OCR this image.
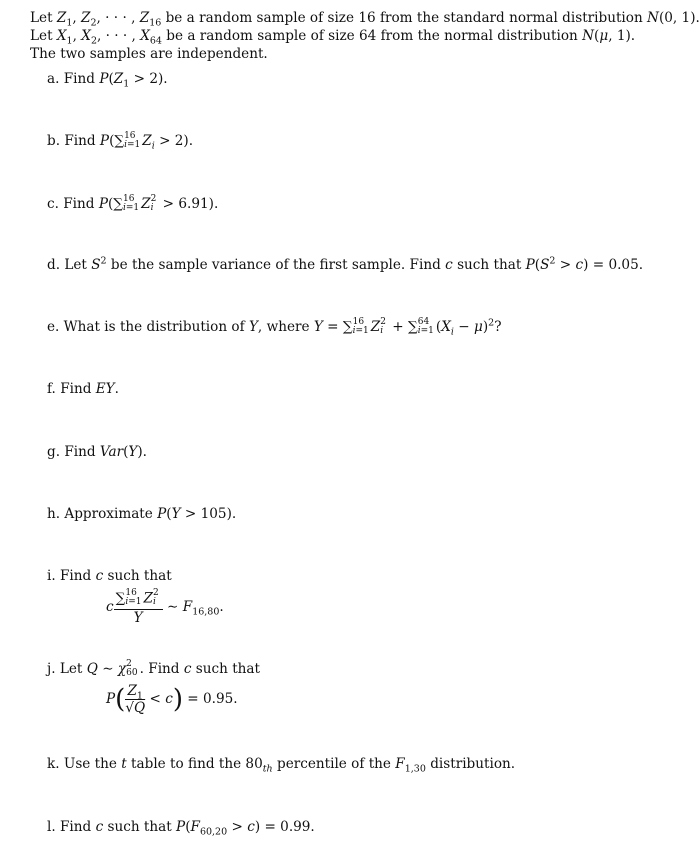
Let $Z_1$, $Z_2$, · · · , $Z_{16}$ be a random sample of size 16 from the standard normal distribution N(0, 1).
Let $X_1$, $X_2$, · · · , $X_{64}$ be a random sample of size 64 from the normal distribution N(μ, 1).
The two samples are independent.
a. Find $P(Z_1 > 2)$.
b. Find P(∑ 16
i=1 $Z_i > 2$).
c. Find P(∑ 16
i=1 Z 2
i > 6.91).
d. Let $S^2$ be the sample variance of the first sample. Find c such that $P(S^2 > c) = 0.05$.
e. What is the distribution of Y, where Y = ∑ 16
i=1 Z 2
i + ∑ 64
i=1 $(X_i - \mu)^2$?
f. Find EY.
g. Find Var(Y).
h. Approximate P(Y > 105).
i. Find c such that
c ∑ 16
i=1 Z 2
i
Y ∼ $F_{16,80}$.
j. Let Q ∼ χ 2
60 . Find c such that
$P( \frac{Z_1}{√Q} < c) = 0.95$.
k. Use the t table to find the $80_{th}$ percentile of the $F_{1,30}$ distribution.
l. Find c such that $P(F_{60,20} > c) = 0.99$.
